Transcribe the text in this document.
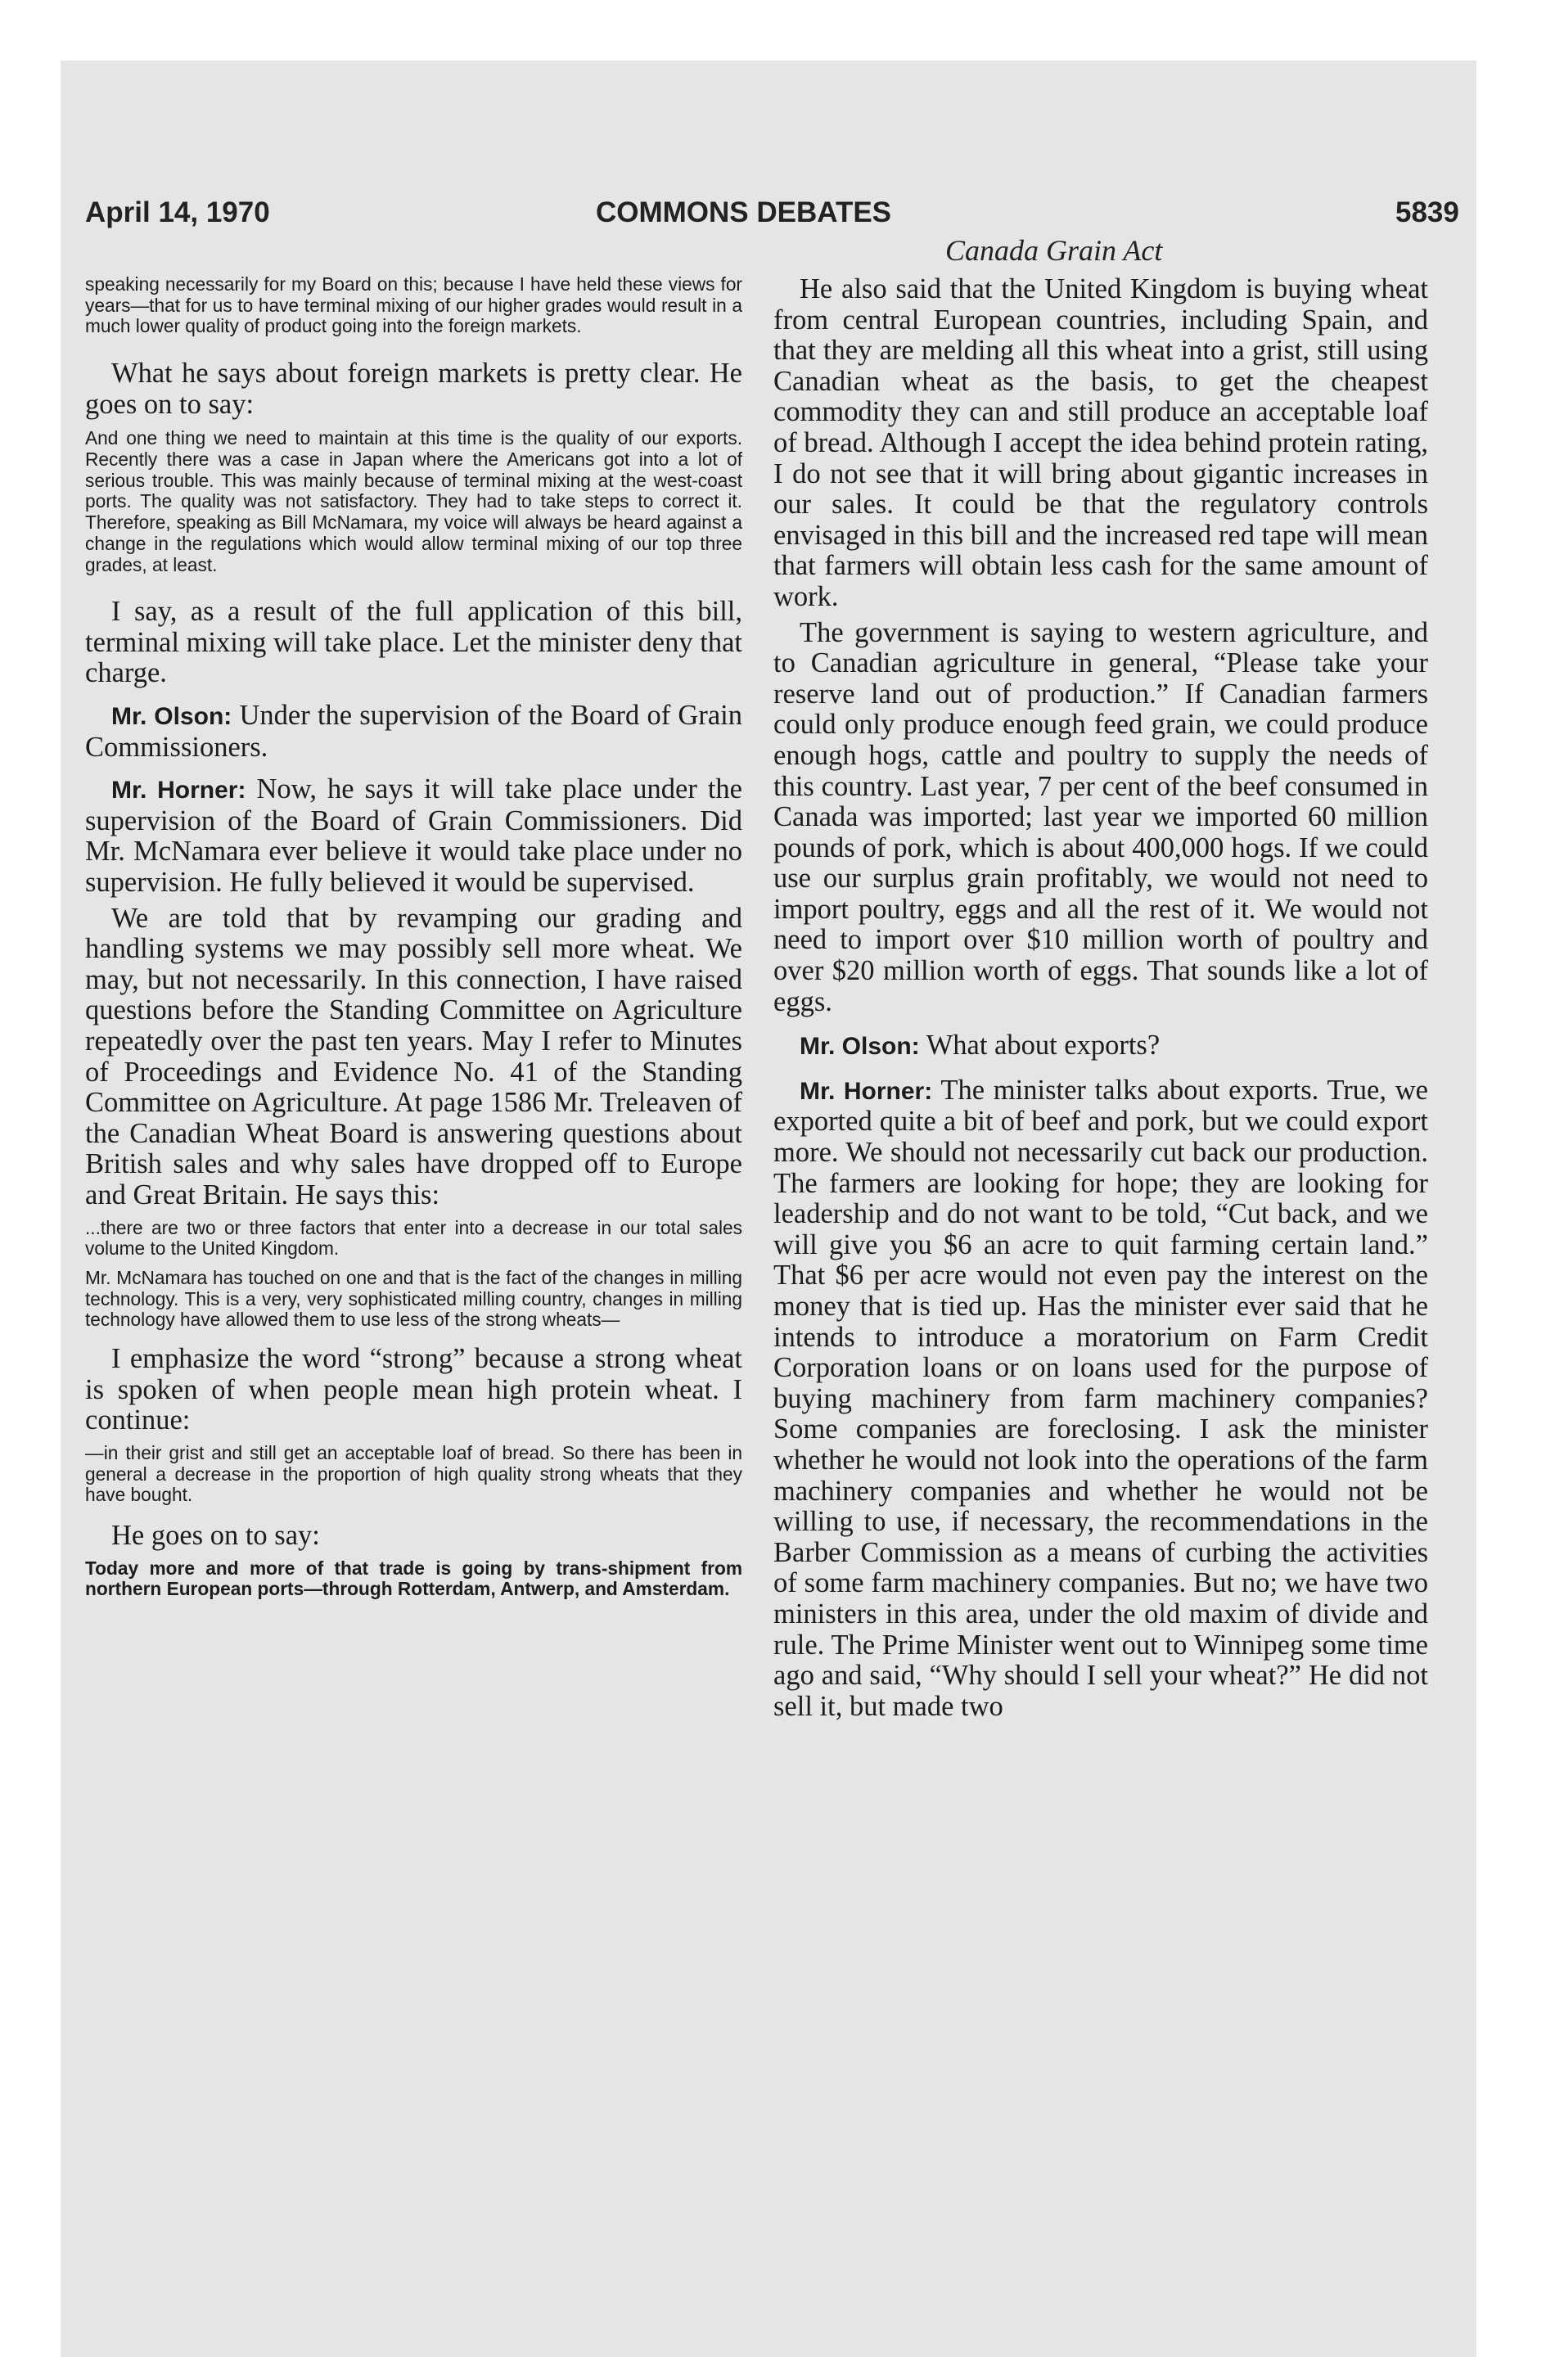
April 14, 1970	COMMONS DEBATES	5839
Canada Grain Act

speaking necessarily for my Board on this; because I have held these views for years—that for us to have terminal mixing of our higher grades would result in a much lower quality of product going into the foreign markets.

What he says about foreign markets is pretty clear. He goes on to say:

And one thing we need to maintain at this time is the quality of our exports. Recently there was a case in Japan where the Americans got into a lot of serious trouble. This was mainly because of terminal mixing at the west-coast ports. The quality was not satisfactory. They had to take steps to correct it. Therefore, speaking as Bill McNamara, my voice will always be heard against a change in the regulations which would allow terminal mixing of our top three grades, at least.

I say, as a result of the full application of this bill, terminal mixing will take place. Let the minister deny that charge.

Mr. Olson: Under the supervision of the Board of Grain Commissioners.

Mr. Horner: Now, he says it will take place under the supervision of the Board of Grain Commissioners. Did Mr. McNamara ever believe it would take place under no supervision. He fully believed it would be supervised.

We are told that by revamping our grading and handling systems we may possibly sell more wheat. We may, but not necessarily. In this connection, I have raised questions before the Standing Committee on Agriculture repeatedly over the past ten years. May I refer to Minutes of Proceedings and Evidence No. 41 of the Standing Committee on Agriculture. At page 1586 Mr. Treleaven of the Canadian Wheat Board is answering questions about British sales and why sales have dropped off to Europe and Great Britain. He says this:

...there are two or three factors that enter into a decrease in our total sales volume to the United Kingdom.

Mr. McNamara has touched on one and that is the fact of the changes in milling technology. This is a very, very sophisticated milling country, changes in milling technology have allowed them to use less of the strong wheats—

I emphasize the word “strong” because a strong wheat is spoken of when people mean high protein wheat. I continue:

—in their grist and still get an acceptable loaf of bread. So there has been in general a decrease in the proportion of high quality strong wheats that they have bought.

He goes on to say:

Today more and more of that trade is going by trans-shipment from northern European ports—through Rotterdam, Antwerp, and Amsterdam.

He also said that the United Kingdom is buying wheat from central European countries, including Spain, and that they are melding all this wheat into a grist, still using Canadian wheat as the basis, to get the cheapest commodity they can and still produce an acceptable loaf of bread. Although I accept the idea behind protein rating, I do not see that it will bring about gigantic increases in our sales. It could be that the regulatory controls envisaged in this bill and the increased red tape will mean that farmers will obtain less cash for the same amount of work.

The government is saying to western agriculture, and to Canadian agriculture in general, “Please take your reserve land out of production.” If Canadian farmers could only produce enough feed grain, we could produce enough hogs, cattle and poultry to supply the needs of this country. Last year, 7 per cent of the beef consumed in Canada was imported; last year we imported 60 million pounds of pork, which is about 400,000 hogs. If we could use our surplus grain profitably, we would not need to import poultry, eggs and all the rest of it. We would not need to import over $10 million worth of poultry and over $20 million worth of eggs. That sounds like a lot of eggs.

Mr. Olson: What about exports?

Mr. Horner: The minister talks about exports. True, we exported quite a bit of beef and pork, but we could export more. We should not necessarily cut back our production. The farmers are looking for hope; they are looking for leadership and do not want to be told, “Cut back, and we will give you $6 an acre to quit farming certain land.” That $6 per acre would not even pay the interest on the money that is tied up. Has the minister ever said that he intends to introduce a moratorium on Farm Credit Corporation loans or on loans used for the purpose of buying machinery from farm machinery companies? Some companies are foreclosing. I ask the minister whether he would not look into the operations of the farm machinery companies and whether he would not be willing to use, if necessary, the recommendations in the Barber Commission as a means of curbing the activities of some farm machinery companies. But no; we have two ministers in this area, under the old maxim of divide and rule. The Prime Minister went out to Winnipeg some time ago and said, “Why should I sell your wheat?” He did not sell it, but made two
